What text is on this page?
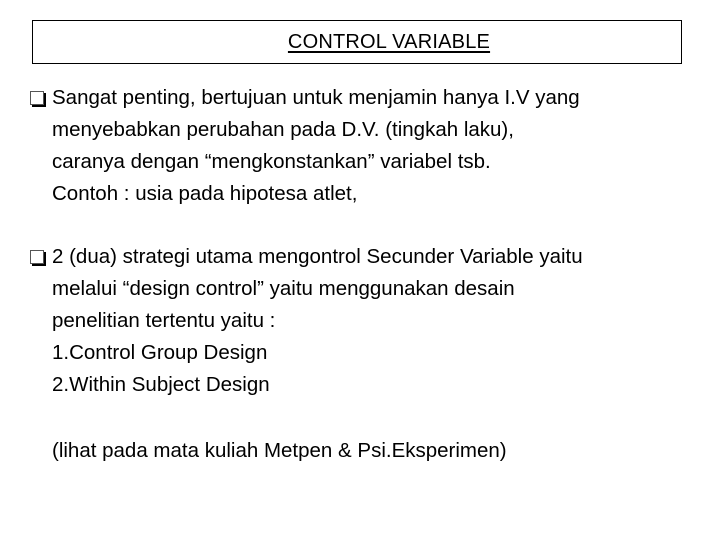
CONTROL VARIABLE
Sangat penting, bertujuan untuk menjamin hanya I.V yang
menyebabkan perubahan pada D.V. (tingkah laku),
caranya dengan “mengkonstankan” variabel tsb.
Contoh : usia pada hipotesa atlet,
2 (dua) strategi utama mengontrol Secunder Variable yaitu
melalui “design control” yaitu menggunakan desain
penelitian tertentu yaitu :
1.Control Group Design
2.Within Subject Design
(lihat pada mata kuliah Metpen & Psi.Eksperimen)
